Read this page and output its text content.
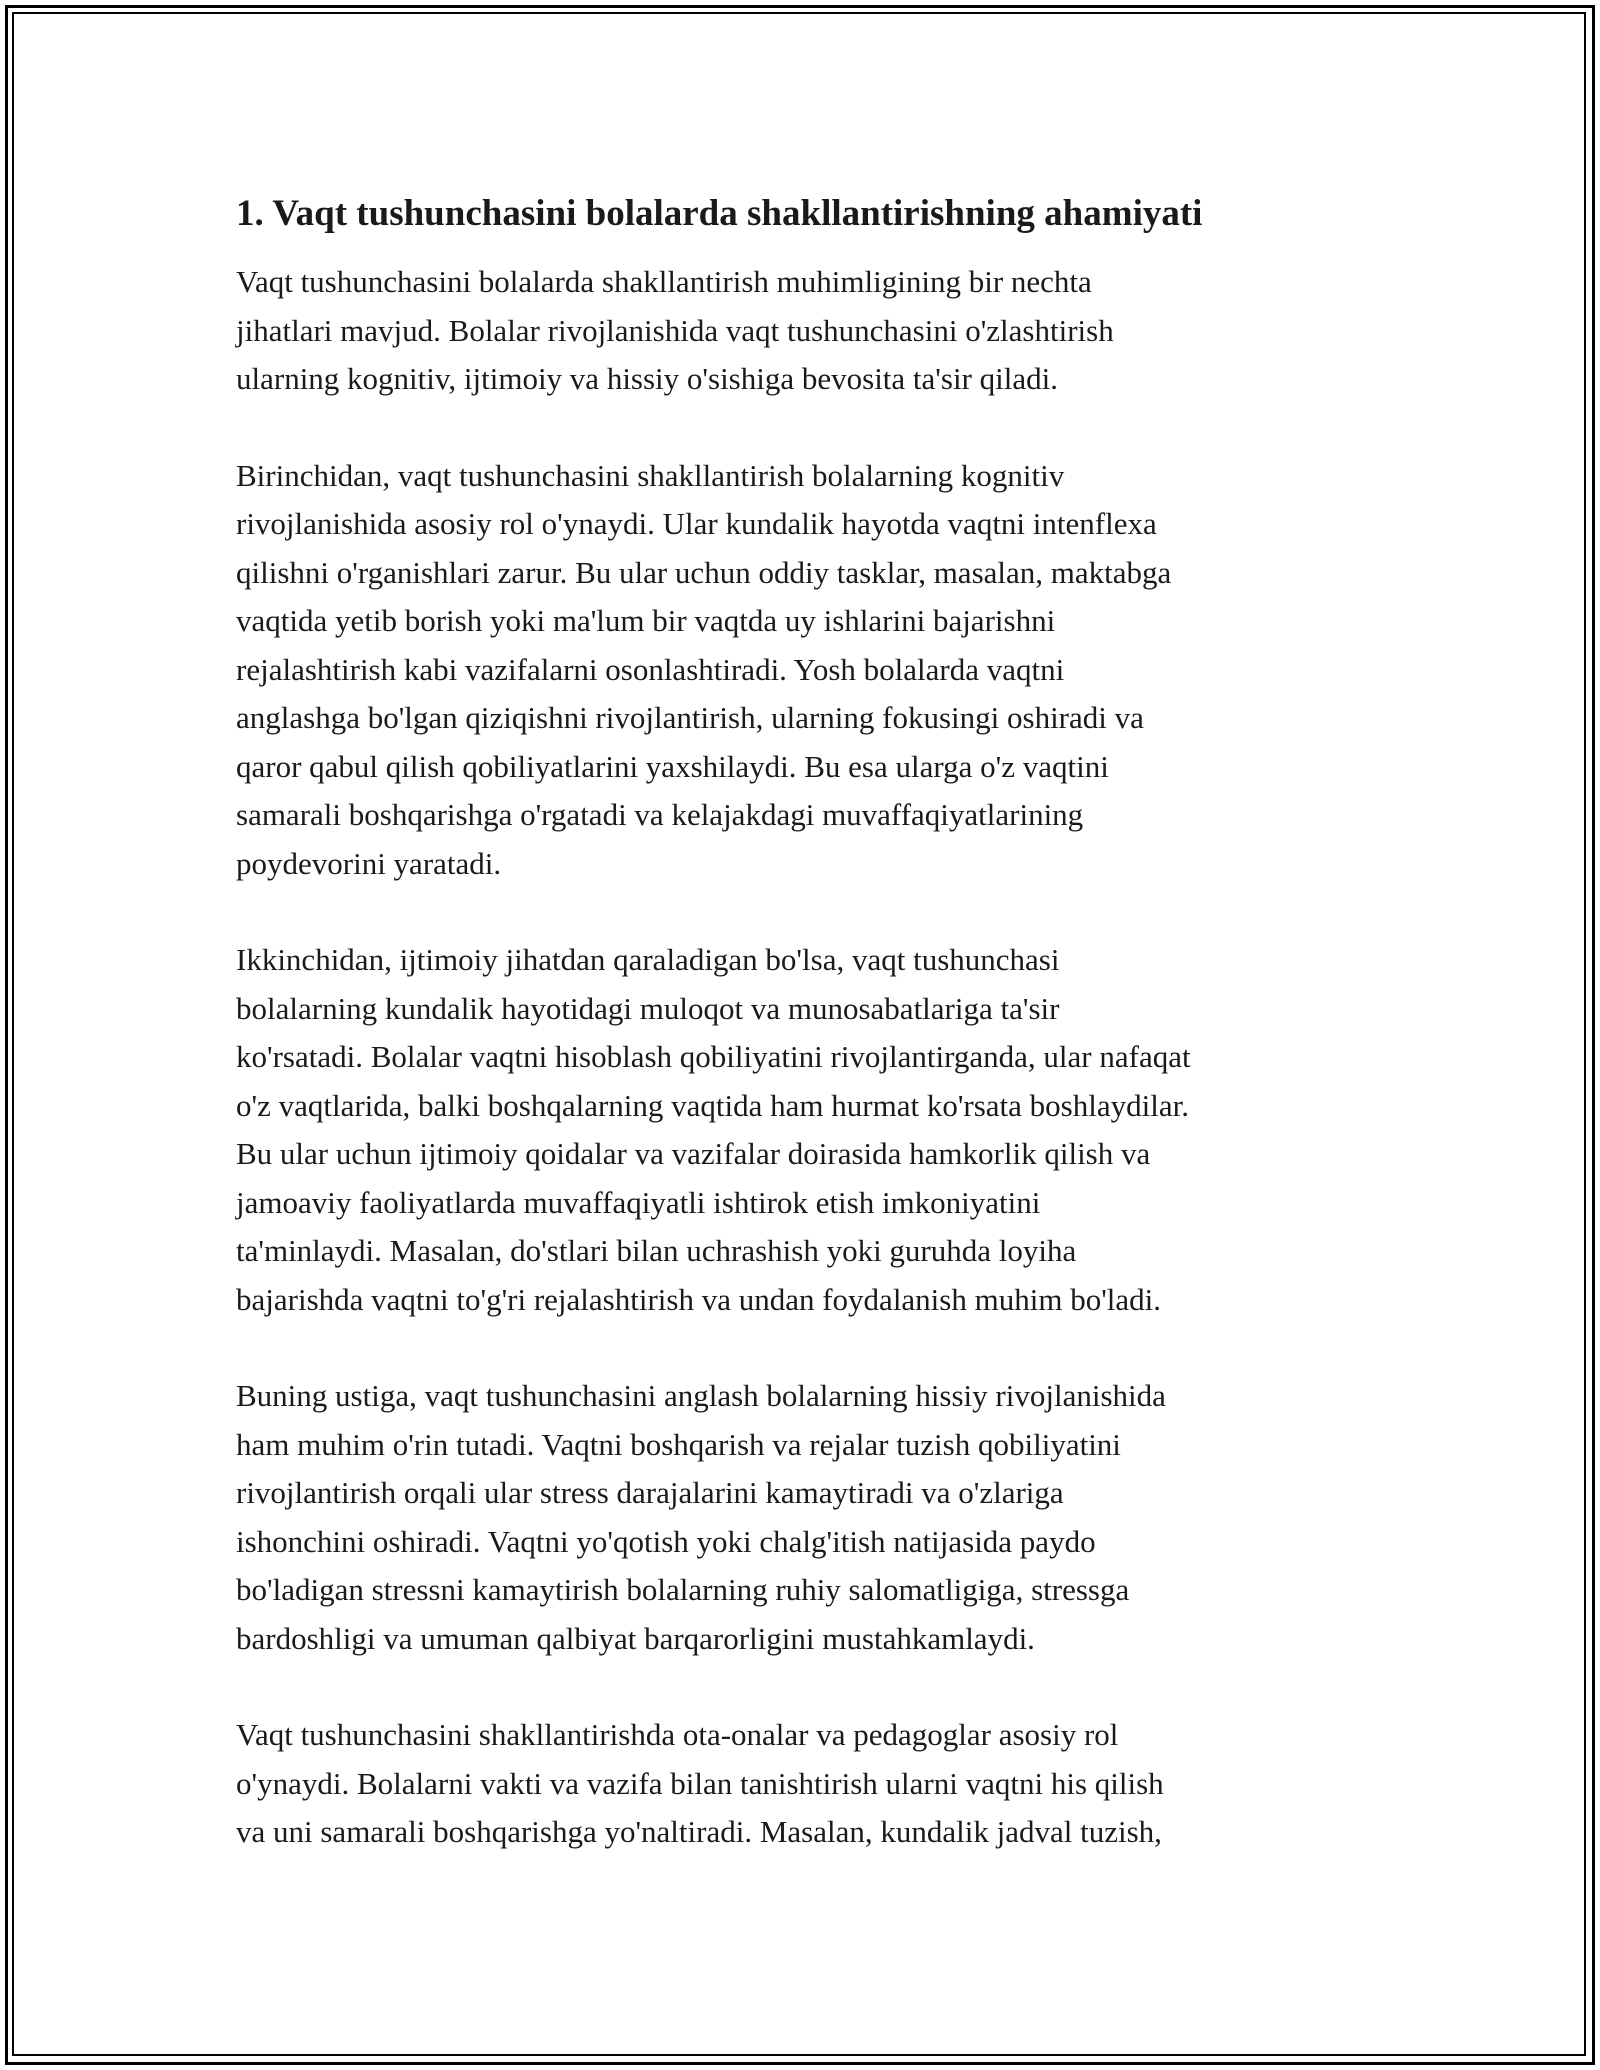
1. Vaqt tushunchasini bolalarda shakllantirishning ahamiyati
Vaqt tushunchasini bolalarda shakllantirish muhimligining bir nechta
jihatlari mavjud. Bolalar rivojlanishida vaqt tushunchasini o'zlashtirish
ularning kognitiv, ijtimoiy va hissiy o'sishiga bevosita ta'sir qiladi.
Birinchidan, vaqt tushunchasini shakllantirish bolalarning kognitiv
rivojlanishida asosiy rol o'ynaydi. Ular kundalik hayotda vaqtni intenflexa
qilishni o'rganishlari zarur. Bu ular uchun oddiy tasklar, masalan, maktabga
vaqtida yetib borish yoki ma'lum bir vaqtda uy ishlarini bajarishni
rejalashtirish kabi vazifalarni osonlashtiradi. Yosh bolalarda vaqtni
anglashga bo'lgan qiziqishni rivojlantirish, ularning fokusingi oshiradi va
qaror qabul qilish qobiliyatlarini yaxshilaydi. Bu esa ularga o'z vaqtini
samarali boshqarishga o'rgatadi va kelajakdagi muvaffaqiyatlarining
poydevorini yaratadi.
Ikkinchidan, ijtimoiy jihatdan qaraladigan bo'lsa, vaqt tushunchasi
bolalarning kundalik hayotidagi muloqot va munosabatlariga ta'sir
ko'rsatadi. Bolalar vaqtni hisoblash qobiliyatini rivojlantirganda, ular nafaqat
o'z vaqtlarida, balki boshqalarning vaqtida ham hurmat ko'rsata boshlaydilar.
Bu ular uchun ijtimoiy qoidalar va vazifalar doirasida hamkorlik qilish va
jamoaviy faoliyatlarda muvaffaqiyatli ishtirok etish imkoniyatini
ta'minlaydi. Masalan, do'stlari bilan uchrashish yoki guruhda loyiha
bajarishda vaqtni to'g'ri rejalashtirish va undan foydalanish muhim bo'ladi.
Buning ustiga, vaqt tushunchasini anglash bolalarning hissiy rivojlanishida
ham muhim o'rin tutadi. Vaqtni boshqarish va rejalar tuzish qobiliyatini
rivojlantirish orqali ular stress darajalarini kamaytiradi va o'zlariga
ishonchini oshiradi. Vaqtni yo'qotish yoki chalg'itish natijasida paydo
bo'ladigan stressni kamaytirish bolalarning ruhiy salomatligiga, stressga
bardoshligi va umuman qalbiyat barqarorligini mustahkamlaydi.
Vaqt tushunchasini shakllantirishda ota-onalar va pedagoglar asosiy rol
o'ynaydi. Bolalarni vakti va vazifa bilan tanishtirish ularni vaqtni his qilish
va uni samarali boshqarishga yo'naltiradi. Masalan, kundalik jadval tuzish,
